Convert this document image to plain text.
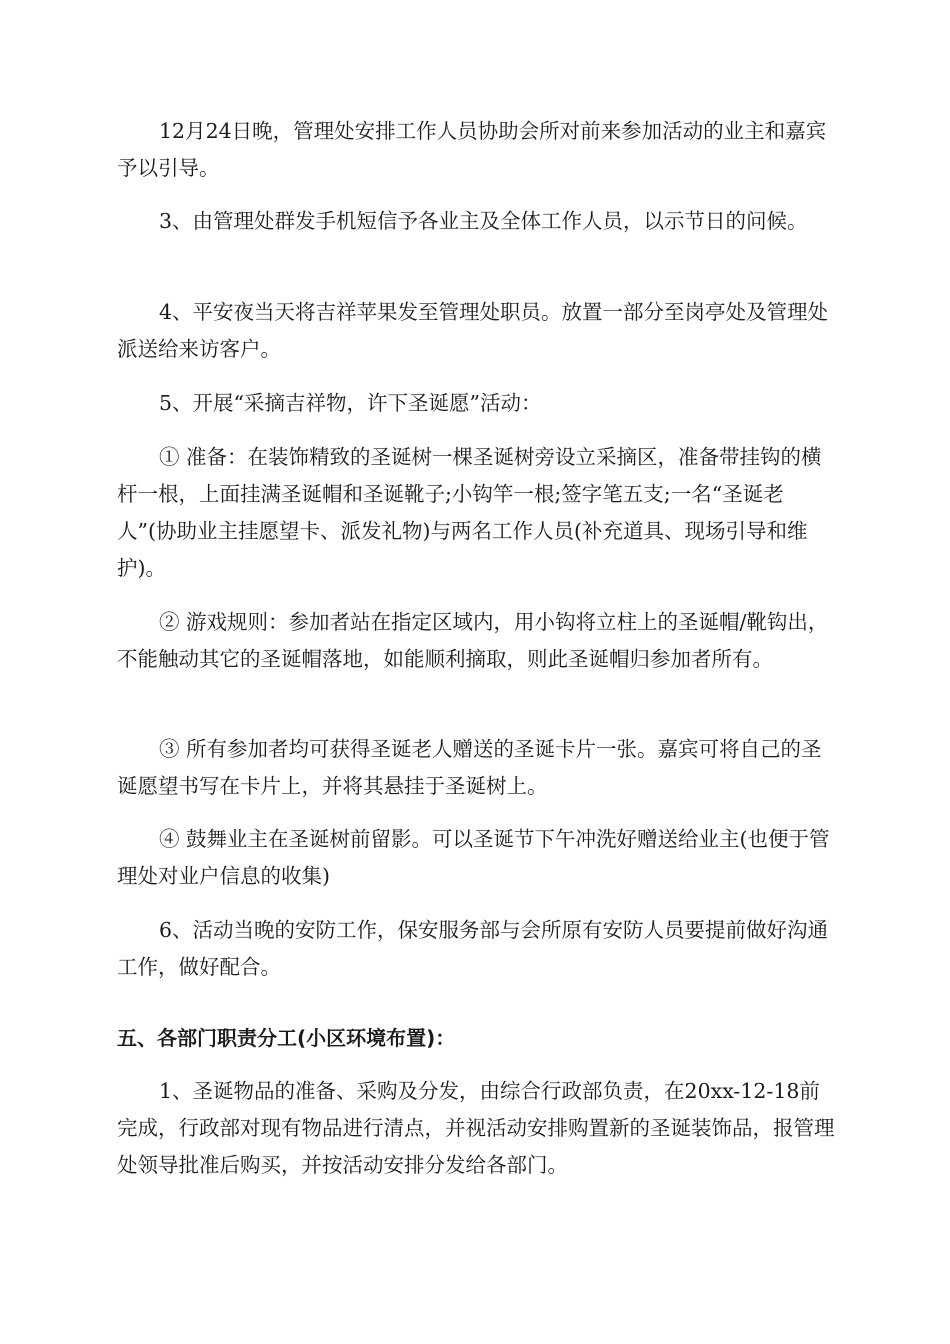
12月24日晚，管理处安排工作人员协助会所对前来参加活动的业主和嘉宾予以引导。

3、由管理处群发手机短信予各业主及全体工作人员，以示节日的问候。

4、平安夜当天将吉祥苹果发至管理处职员。放置一部分至岗亭处及管理处派送给来访客户。

5、开展“采摘吉祥物，许下圣诞愿”活动：

① 准备：在装饰精致的圣诞树一棵圣诞树旁设立采摘区，准备带挂钩的横杆一根，上面挂满圣诞帽和圣诞靴子;小钩竿一根;签字笔五支;一名“圣诞老人”(协助业主挂愿望卡、派发礼物)与两名工作人员(补充道具、现场引导和维护)。

② 游戏规则：参加者站在指定区域内，用小钩将立柱上的圣诞帽/靴钩出，不能触动其它的圣诞帽落地，如能顺利摘取，则此圣诞帽归参加者所有。

③ 所有参加者均可获得圣诞老人赠送的圣诞卡片一张。嘉宾可将自己的圣诞愿望书写在卡片上，并将其悬挂于圣诞树上。

④ 鼓舞业主在圣诞树前留影。可以圣诞节下午冲洗好赠送给业主(也便于管理处对业户信息的收集)

6、活动当晚的安防工作，保安服务部与会所原有安防人员要提前做好沟通工作，做好配合。

五、各部门职责分工(小区环境布置)：

1、圣诞物品的准备、采购及分发，由综合行政部负责，在20xx-12-18前完成，行政部对现有物品进行清点，并视活动安排购置新的圣诞装饰品，报管理处领导批准后购买，并按活动安排分发给各部门。
